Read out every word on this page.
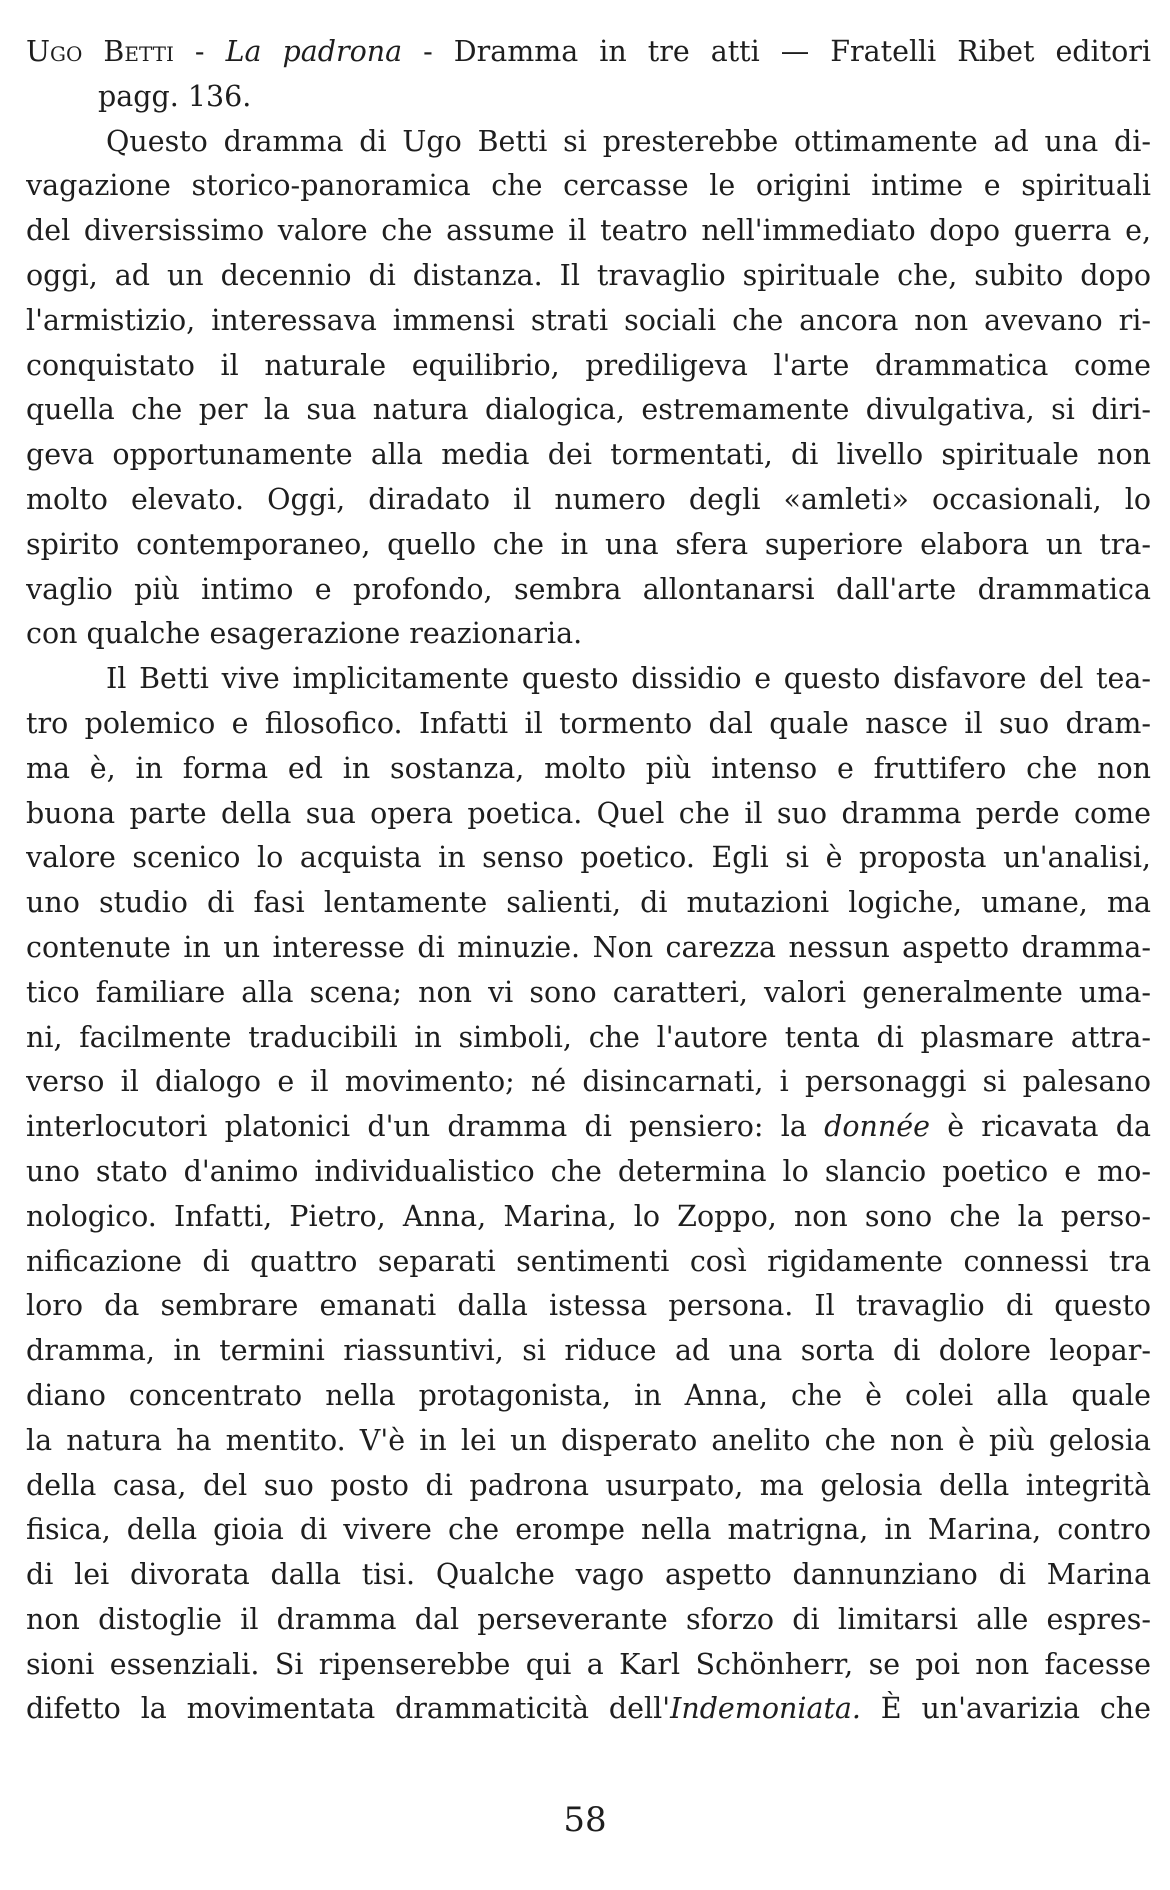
Ugo Betti - La padrona - Dramma in tre atti — Fratelli Ribet editori
pagg. 136.
Questo dramma di Ugo Betti si presterebbe ottimamente ad una di-
vagazione storico-panoramica che cercasse le origini intime e spirituali
del diversissimo valore che assume il teatro nell'immediato dopo guerra e,
oggi, ad un decennio di distanza. Il travaglio spirituale che, subito dopo
l'armistizio, interessava immensi strati sociali che ancora non avevano ri-
conquistato il naturale equilibrio, prediligeva l'arte drammatica come
quella che per la sua natura dialogica, estremamente divulgativa, si diri-
geva opportunamente alla media dei tormentati, di livello spirituale non
molto elevato. Oggi, diradato il numero degli «amleti» occasionali, lo
spirito contemporaneo, quello che in una sfera superiore elabora un tra-
vaglio più intimo e profondo, sembra allontanarsi dall'arte drammatica
con qualche esagerazione reazionaria.
Il Betti vive implicitamente questo dissidio e questo disfavore del tea-
tro polemico e filosofico. Infatti il tormento dal quale nasce il suo dram-
ma è, in forma ed in sostanza, molto più intenso e fruttifero che non
buona parte della sua opera poetica. Quel che il suo dramma perde come
valore scenico lo acquista in senso poetico. Egli si è proposta un'analisi,
uno studio di fasi lentamente salienti, di mutazioni logiche, umane, ma
contenute in un interesse di minuzie. Non carezza nessun aspetto dramma-
tico familiare alla scena; non vi sono caratteri, valori generalmente uma-
ni, facilmente traducibili in simboli, che l'autore tenta di plasmare attra-
verso il dialogo e il movimento; né disincarnati, i personaggi si palesano
interlocutori platonici d'un dramma di pensiero: la donnée è ricavata da
uno stato d'animo individualistico che determina lo slancio poetico e mo-
nologico. Infatti, Pietro, Anna, Marina, lo Zoppo, non sono che la perso-
nificazione di quattro separati sentimenti così rigidamente connessi tra
loro da sembrare emanati dalla istessa persona. Il travaglio di questo
dramma, in termini riassuntivi, si riduce ad una sorta di dolore leopar-
diano concentrato nella protagonista, in Anna, che è colei alla quale
la natura ha mentito. V'è in lei un disperato anelito che non è più gelosia
della casa, del suo posto di padrona usurpato, ma gelosia della integrità
fisica, della gioia di vivere che erompe nella matrigna, in Marina, contro
di lei divorata dalla tisi. Qualche vago aspetto dannunziano di Marina
non distoglie il dramma dal perseverante sforzo di limitarsi alle espres-
sioni essenziali. Si ripenserebbe qui a Karl Schönherr, se poi non facesse
difetto la movimentata drammaticità dell'Indemoniata. È un'avarizia che
58
